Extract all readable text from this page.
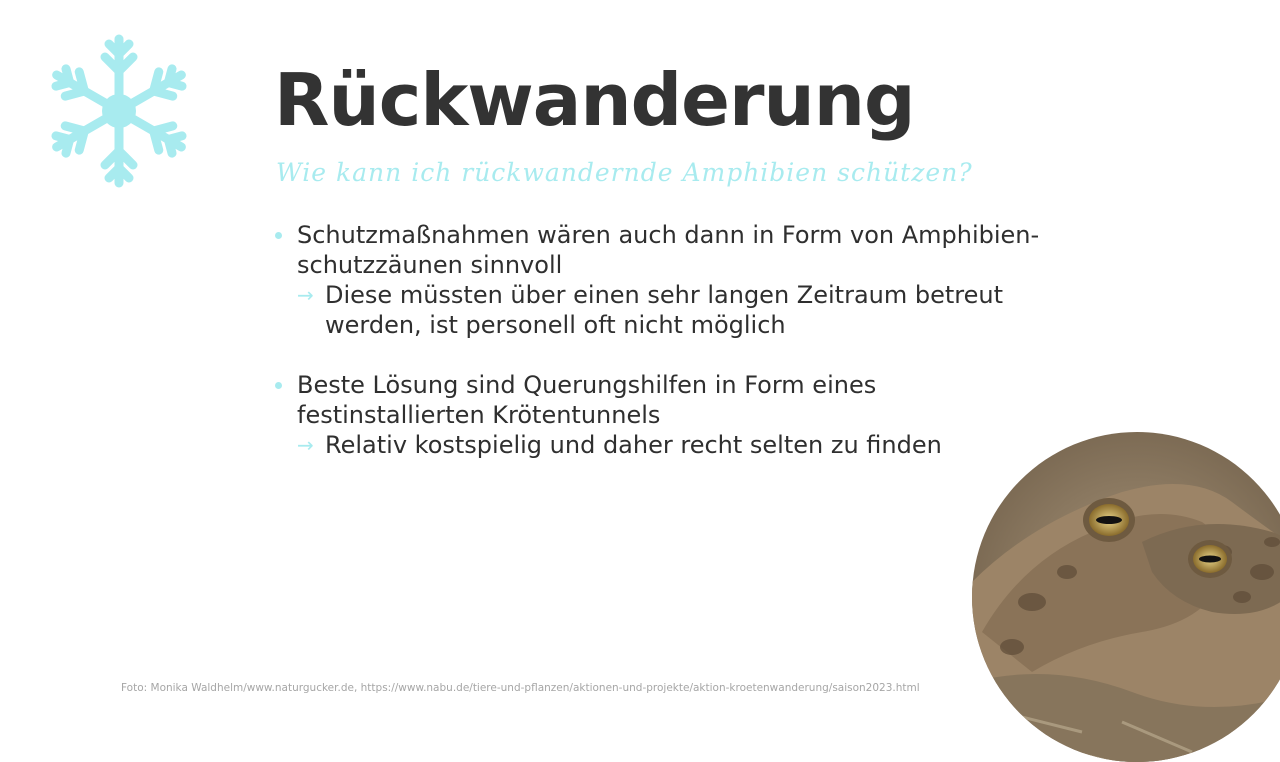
Rückwanderung
Wie kann ich rückwandernde Amphibien schützen?
Schutzmaßnahmen wären auch dann in Form von Amphibien-schutzzäunen sinnvoll
→ Diese müssten über einen sehr langen Zeitraum betreut werden, ist personell oft nicht möglich
Beste Lösung sind Querungshilfen in Form eines festinstallierten Krötentunnels
→ Relativ kostspielig und daher recht selten zu finden
Foto: Monika Waldhelm/www.naturgucker.de, https://www.nabu.de/tiere-und-pflanzen/aktionen-und-projekte/aktion-kroetenwanderung/saison2023.html
